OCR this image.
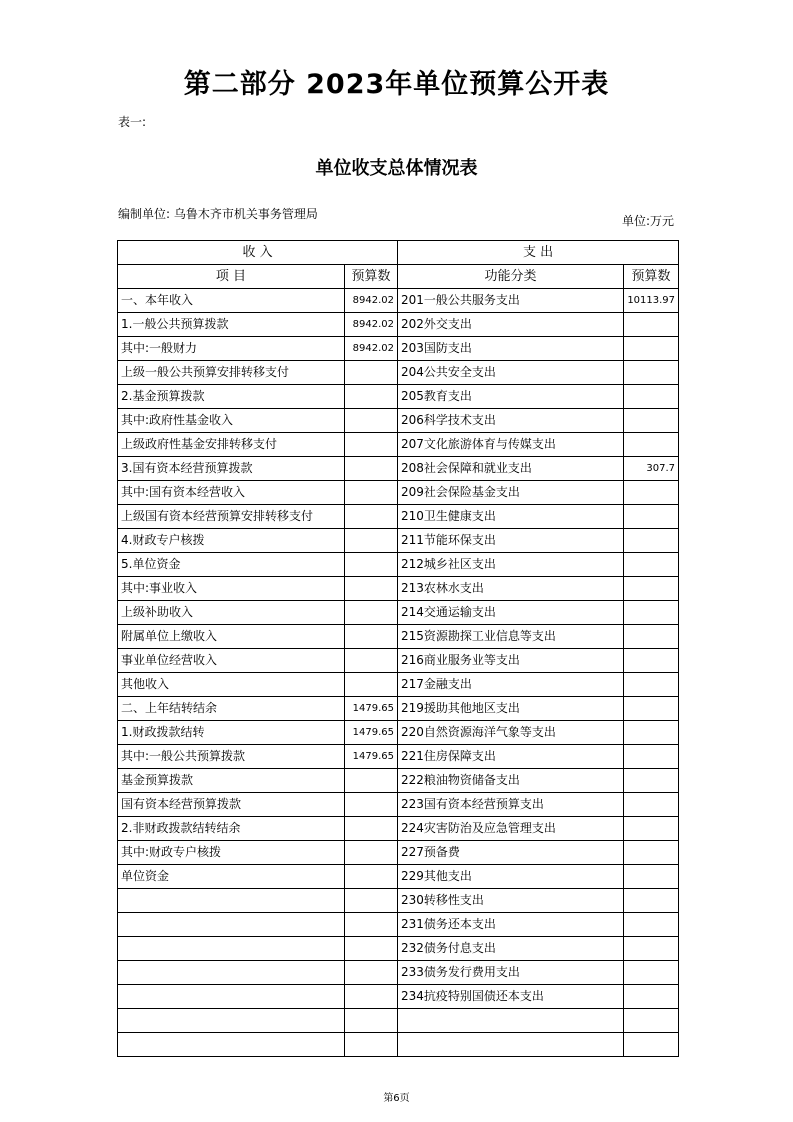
第二部分 2023年单位预算公开表
表一:
单位收支总体情况表
编制单位: 乌鲁木齐市机关事务管理局	单位:万元
收 入		支 出	
项 目	预算数	功能分类	预算数
一、本年收入	8942.02	201一般公共服务支出	10113.97
1.一般公共预算拨款	8942.02	202外交支出	
其中:一般财力	8942.02	203国防支出	
上级一般公共预算安排转移支付		204公共安全支出	
2.基金预算拨款		205教育支出	
其中:政府性基金收入		206科学技术支出	
上级政府性基金安排转移支付		207文化旅游体育与传媒支出	
3.国有资本经营预算拨款		208社会保障和就业支出	307.7
其中:国有资本经营收入		209社会保险基金支出	
上级国有资本经营预算安排转移支付		210卫生健康支出	
4.财政专户核拨		211节能环保支出	
5.单位资金		212城乡社区支出	
其中:事业收入		213农林水支出	
上级补助收入		214交通运输支出	
附属单位上缴收入		215资源勘探工业信息等支出	
事业单位经营收入		216商业服务业等支出	
其他收入		217金融支出	
二、上年结转结余	1479.65	219援助其他地区支出	
1.财政拨款结转	1479.65	220自然资源海洋气象等支出	
其中:一般公共预算拨款	1479.65	221住房保障支出	
基金预算拨款		222粮油物资储备支出	
国有资本经营预算拨款		223国有资本经营预算支出	
2.非财政拨款结转结余		224灾害防治及应急管理支出	
其中:财政专户核拨		227预备费	
单位资金		229其他支出	
		230转移性支出	
		231债务还本支出	
		232债务付息支出	
		233债务发行费用支出	
		234抗疫特别国债还本支出	

第6页
